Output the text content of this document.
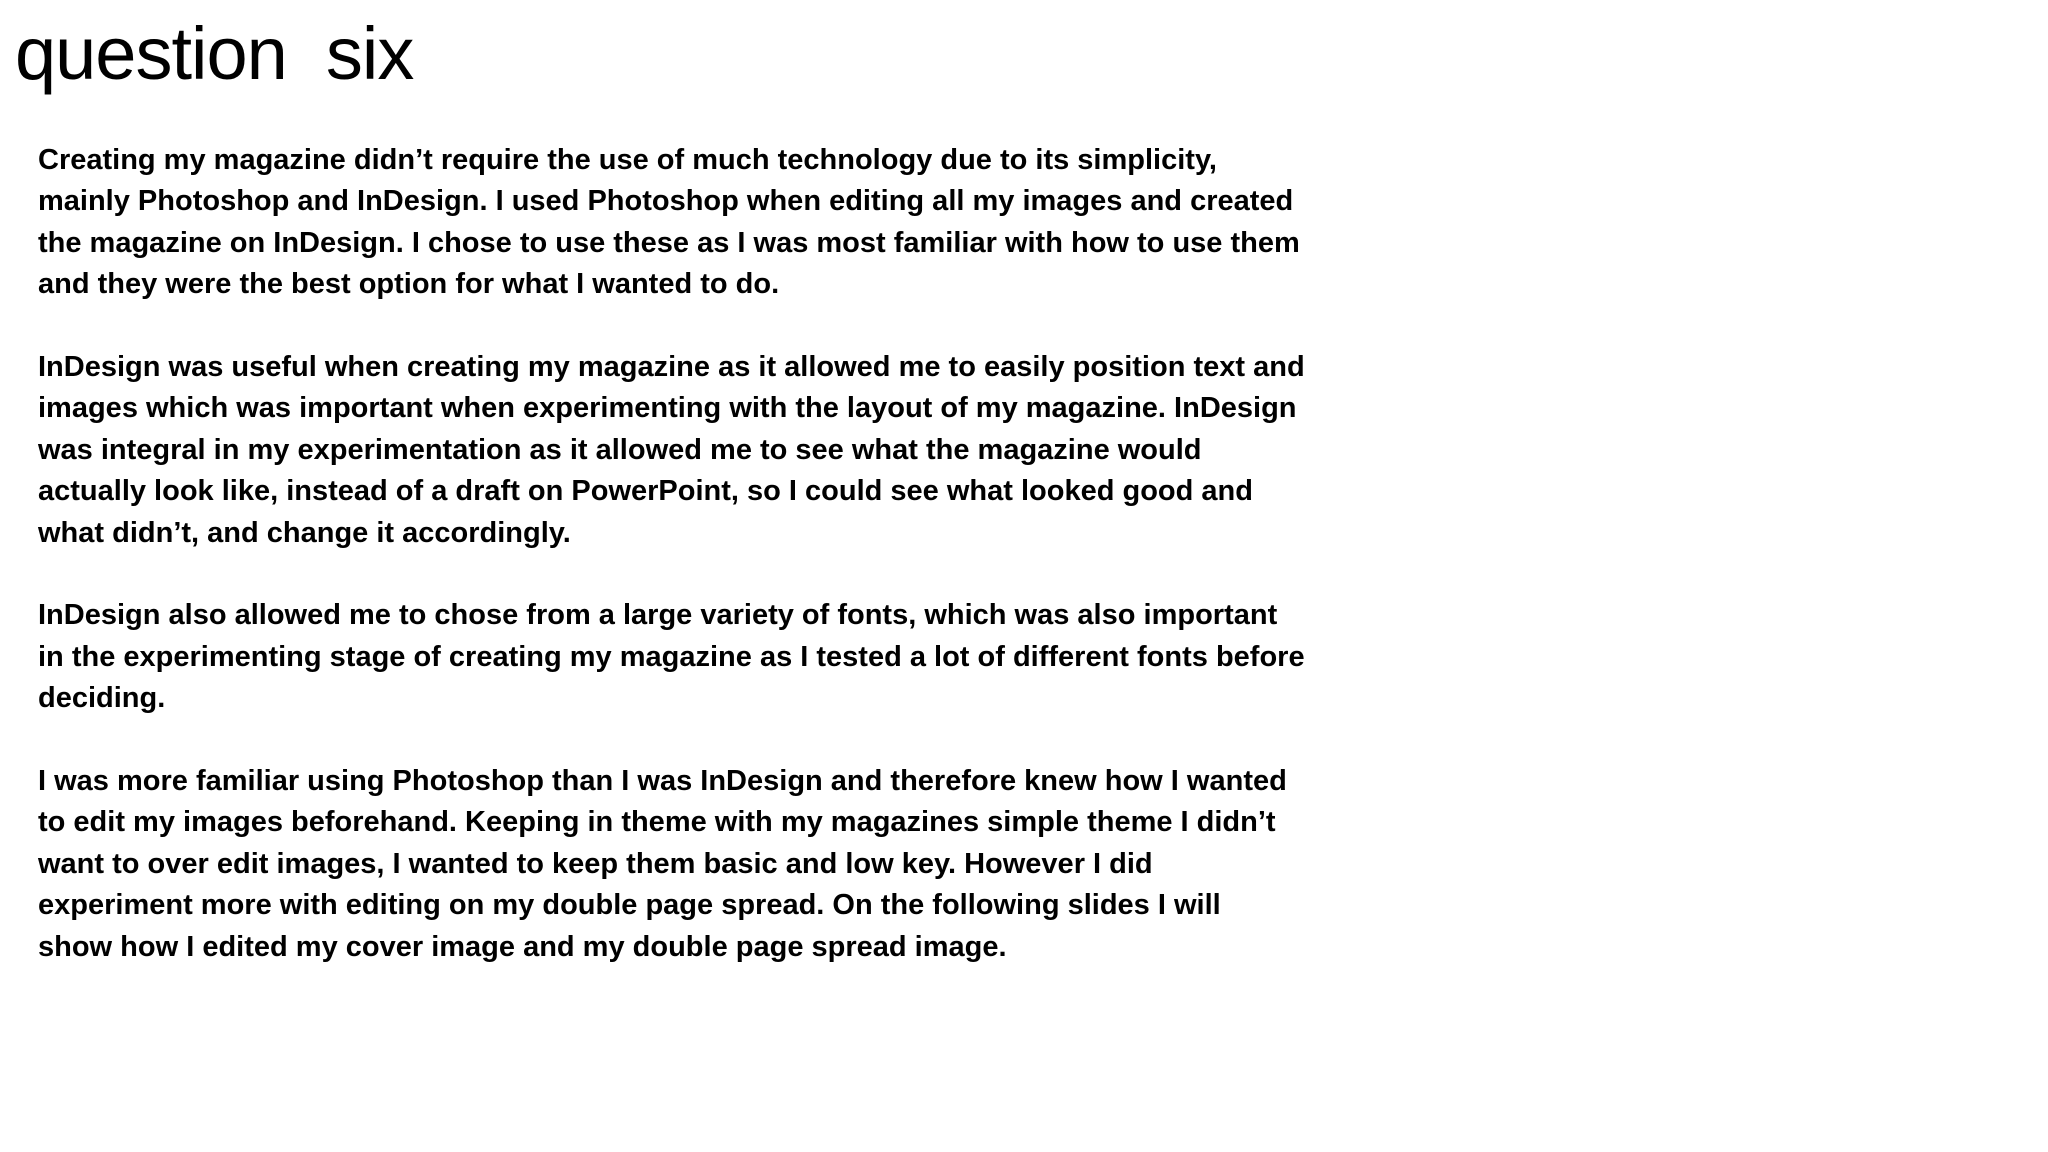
question  six

Creating my magazine didn’t require the use of much technology due to its simplicity,
mainly Photoshop and InDesign. I used Photoshop when editing all my images and created
the magazine on InDesign. I chose to use these as I was most familiar with how to use them
and they were the best option for what I wanted to do.

InDesign was useful when creating my magazine as it allowed me to easily position text and
images which was important when experimenting with the layout of my magazine. InDesign
was integral in my experimentation as it allowed me to see what the magazine would
actually look like, instead of a draft on PowerPoint, so I could see what looked good and
what didn’t, and change it accordingly.

InDesign also allowed me to chose from a large variety of fonts, which was also important
in the experimenting stage of creating my magazine as I tested a lot of different fonts before
deciding.

I was more familiar using Photoshop than I was InDesign and therefore knew how I wanted
to edit my images beforehand. Keeping in theme with my magazines simple theme I didn’t
want to over edit images, I wanted to keep them basic and low key. However I did
experiment more with editing on my double page spread. On the following slides I will
show how I edited my cover image and my double page spread image.
